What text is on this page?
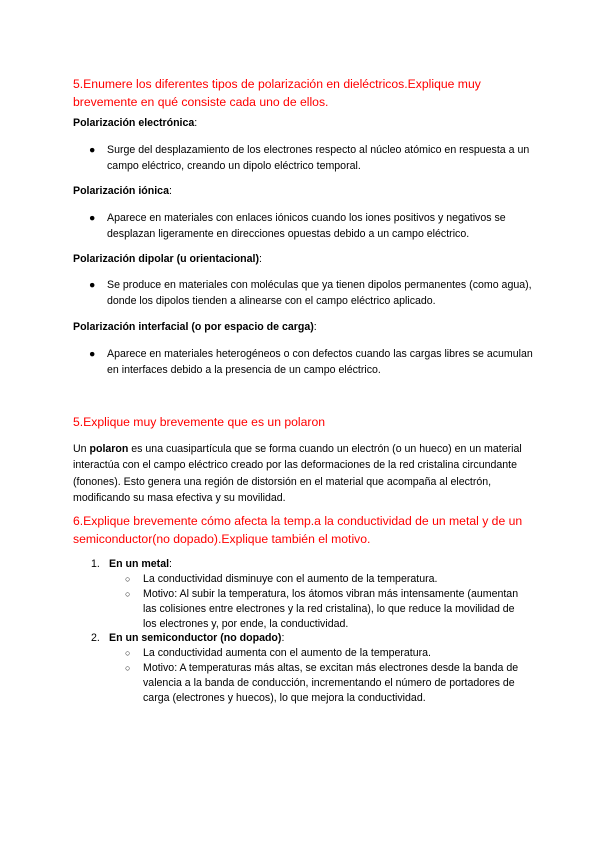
5.Enumere los diferentes tipos de polarización en dieléctricos.Explique muy brevemente en qué consiste cada uno de ellos.

Polarización electrónica:

●	Surge del desplazamiento de los electrones respecto al núcleo atómico en respuesta a un campo eléctrico, creando un dipolo eléctrico temporal.

Polarización iónica:

●	Aparece en materiales con enlaces iónicos cuando los iones positivos y negativos se desplazan ligeramente en direcciones opuestas debido a un campo eléctrico.

Polarización dipolar (u orientacional):

●	Se produce en materiales con moléculas que ya tienen dipolos permanentes (como agua), donde los dipolos tienden a alinearse con el campo eléctrico aplicado.

Polarización interfacial (o por espacio de carga):

●	Aparece en materiales heterogéneos o con defectos cuando las cargas libres se acumulan en interfaces debido a la presencia de un campo eléctrico.

5.Explique muy brevemente que es un polaron

Un polaron es una cuasipartícula que se forma cuando un electrón (o un hueco) en un material interactúa con el campo eléctrico creado por las deformaciones de la red cristalina circundante (fonones). Esto genera una región de distorsión en el material que acompaña al electrón, modificando su masa efectiva y su movilidad.

6.Explique brevemente cómo afecta la temp.a la conductividad de un metal y de un semiconductor(no dopado).Explique también el motivo.

1. En un metal:
○ La conductividad disminuye con el aumento de la temperatura.
○ Motivo: Al subir la temperatura, los átomos vibran más intensamente (aumentan las colisiones entre electrones y la red cristalina), lo que reduce la movilidad de los electrones y, por ende, la conductividad.
2. En un semiconductor (no dopado):
○ La conductividad aumenta con el aumento de la temperatura.
○ Motivo: A temperaturas más altas, se excitan más electrones desde la banda de valencia a la banda de conducción, incrementando el número de portadores de carga (electrones y huecos), lo que mejora la conductividad.
